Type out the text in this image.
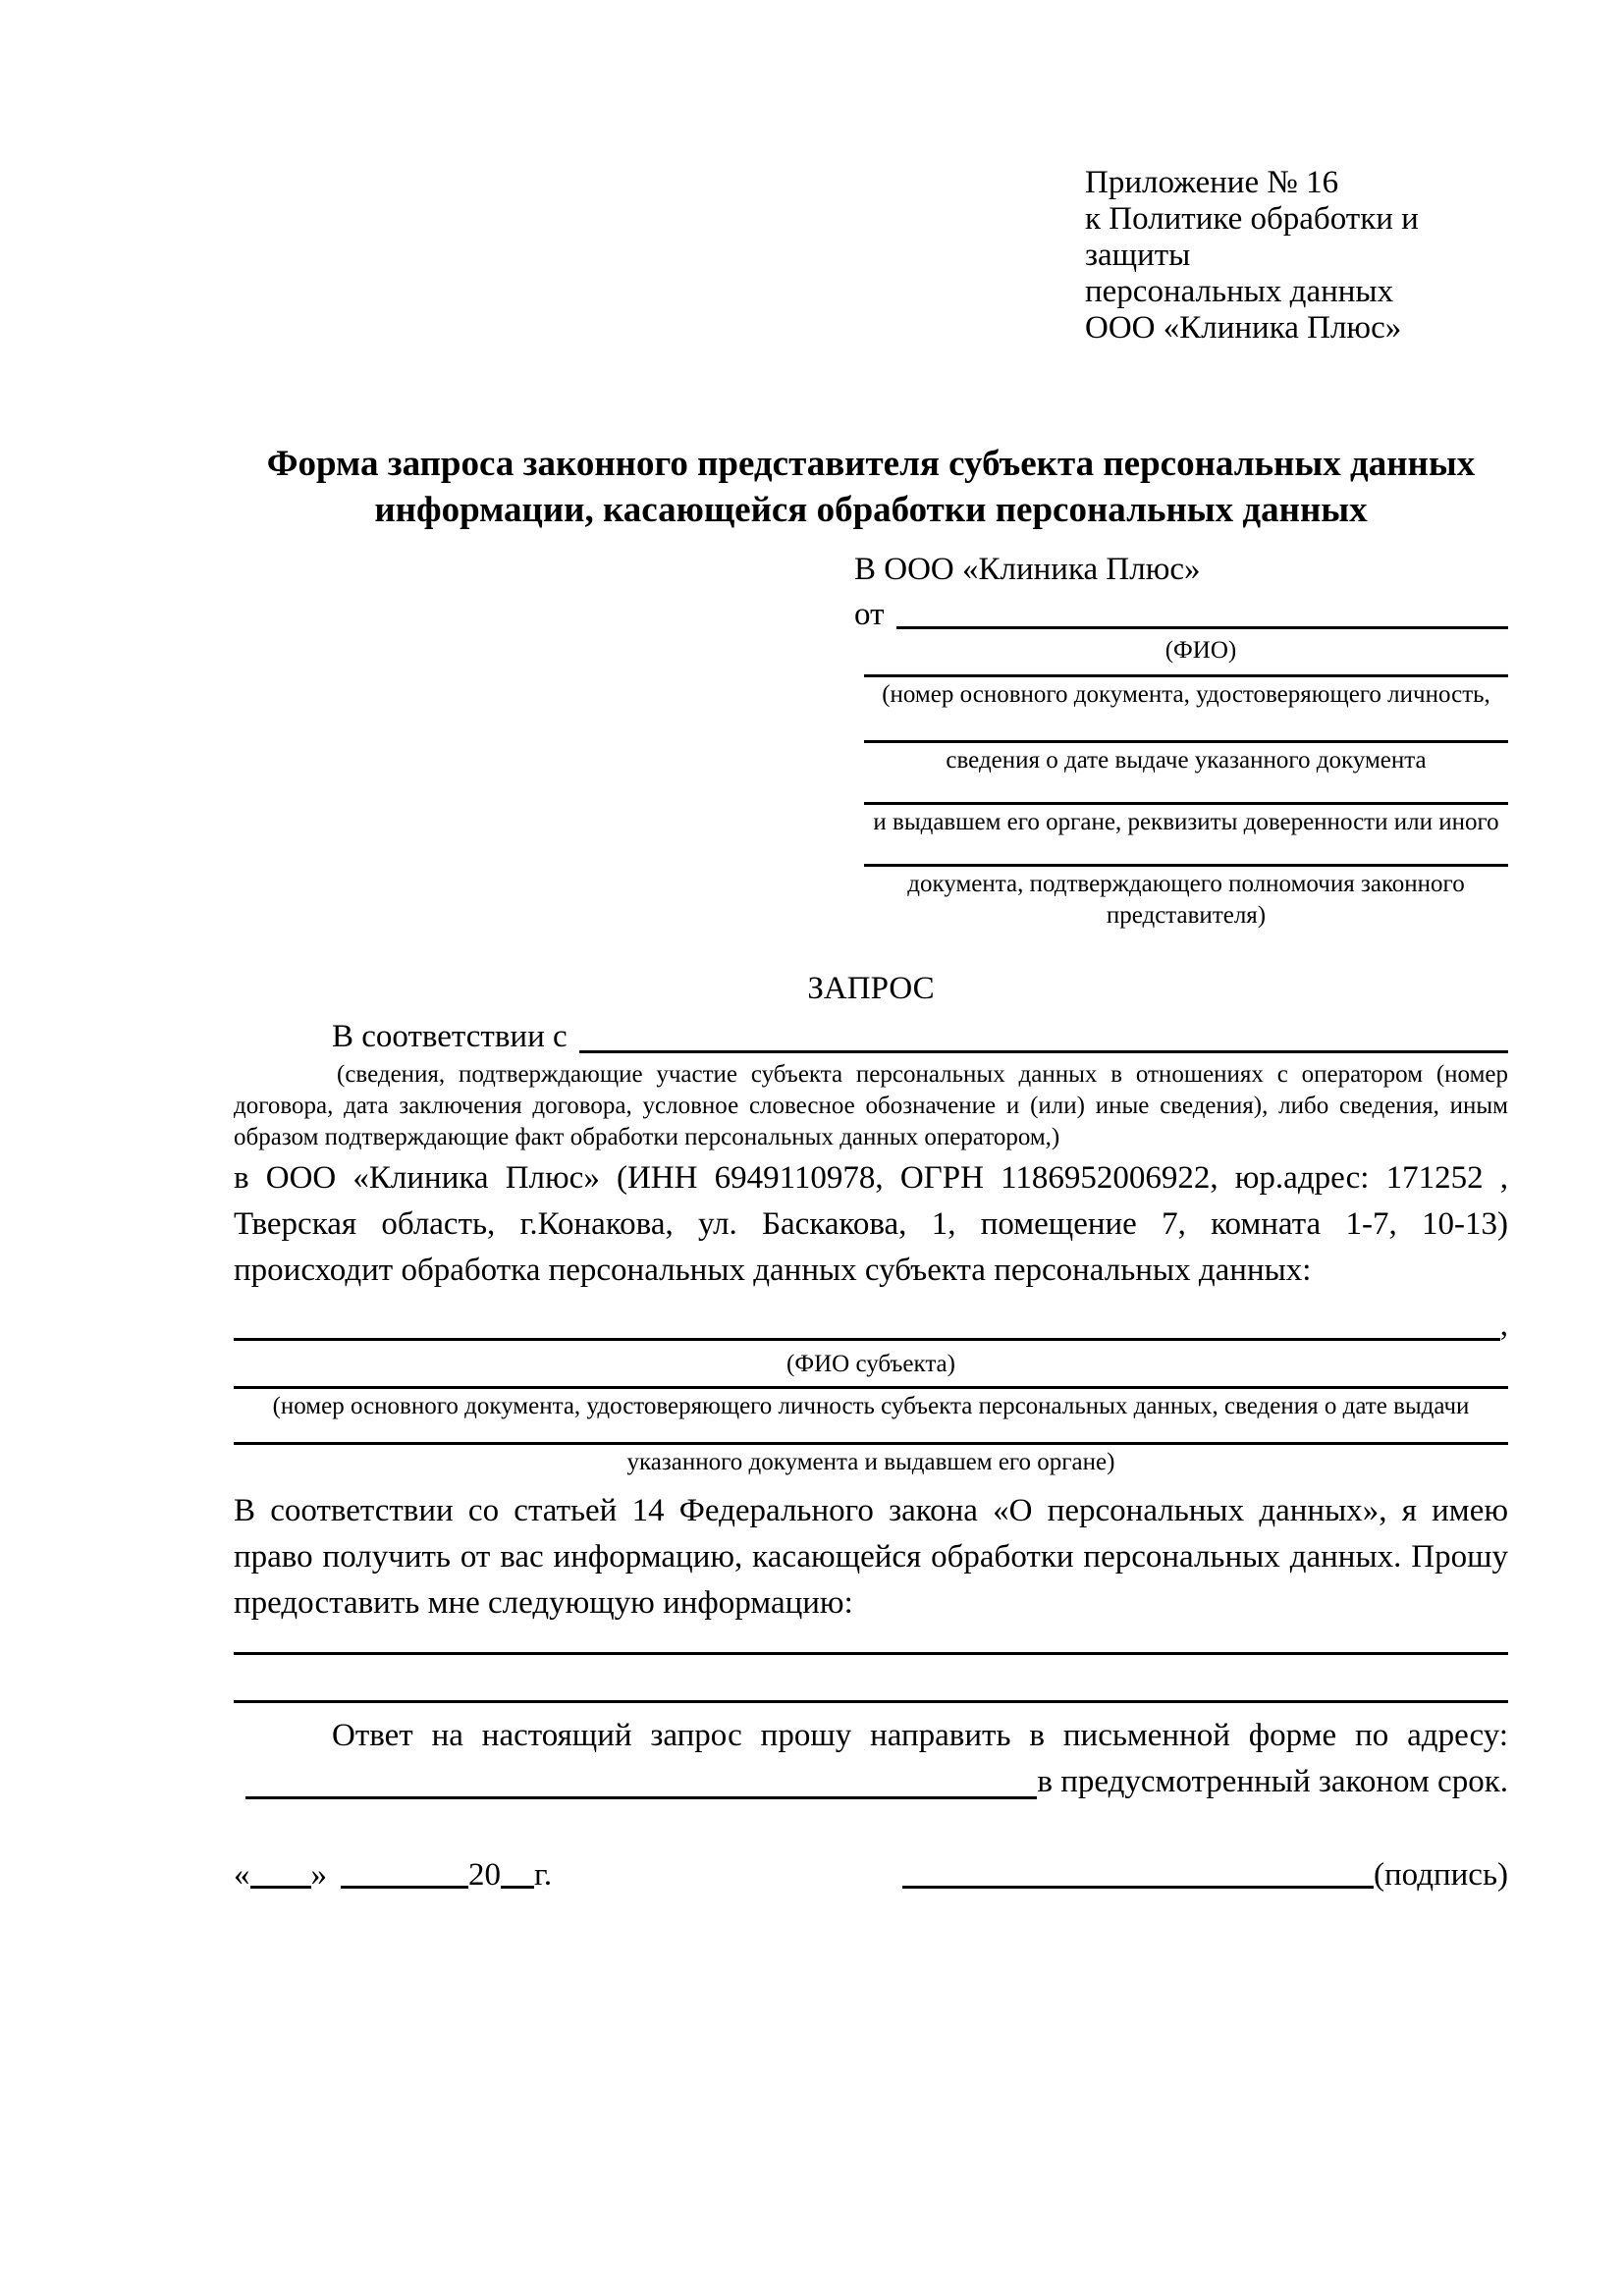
Приложение № 16
к Политике обработки и защиты
персональных данных
ООО «Клиника Плюс»
Форма запроса законного представителя субъекта персональных данных
информации, касающейся обработки персональных данных
В ООО «Клиника Плюс»
от
(ФИО)
(номер основного документа, удостоверяющего личность,
сведения о дате выдаче указанного документа
и выдавшем его органе, реквизиты доверенности или иного
документа, подтверждающего полномочия законного представителя)
ЗАПРОС
В соответствии с
(сведения, подтверждающие участие субъекта персональных данных в отношениях с оператором (номер договора, дата заключения договора, условное словесное обозначение и (или) иные сведения), либо сведения, иным образом подтверждающие факт обработки персональных данных оператором,)
в ООО «Клиника Плюс» (ИНН 6949110978, ОГРН 1186952006922, юр.адрес: 171252 , Тверская область, г.Конакова, ул. Баскакова, 1, помещение 7, комната 1-7, 10-13) происходит обработка персональных данных субъекта персональных данных:
,
(ФИО субъекта)
(номер основного документа, удостоверяющего личность субъекта персональных данных, сведения о дате выдачи
указанного документа и выдавшем его органе)
В соответствии со статьей 14 Федерального закона «О персональных данных», я имею право получить от вас информацию, касающейся обработки персональных данных. Прошу предоставить мне следующую информацию:
Ответ на настоящий запрос прошу направить в письменной форме по адресу:
в предусмотренный законом срок.
« »	20 г.	(подпись)
